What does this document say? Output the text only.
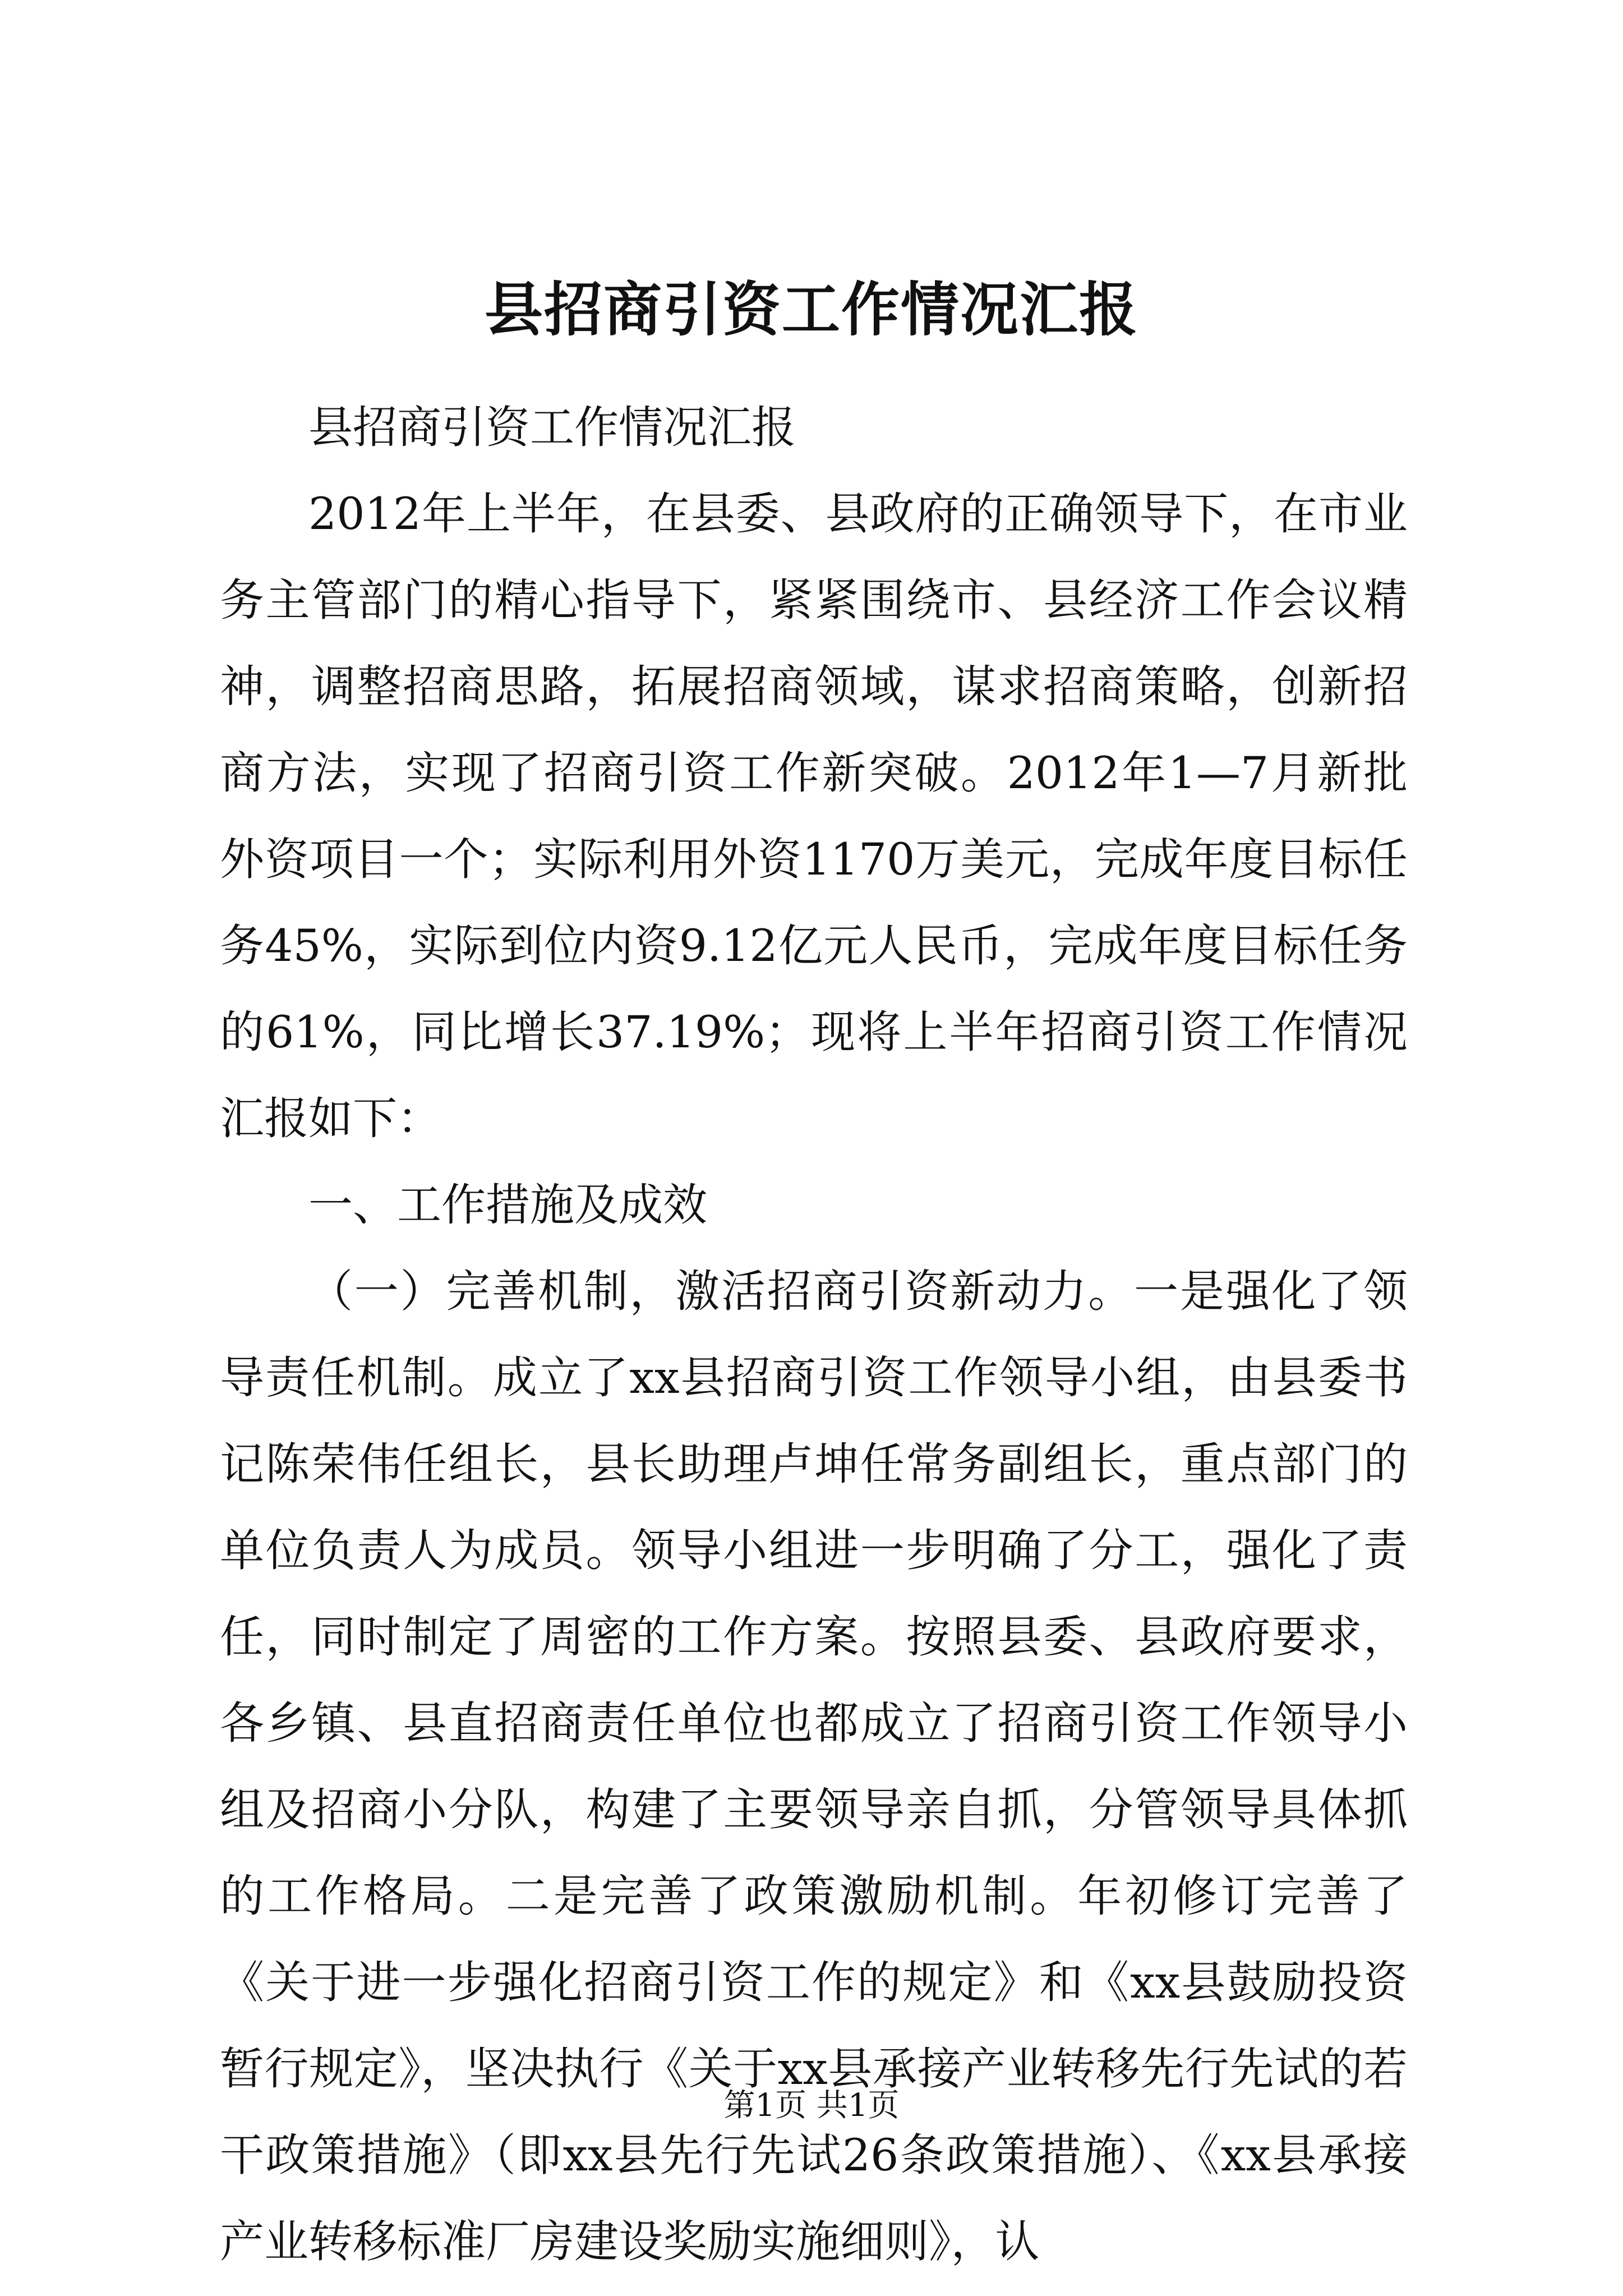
县招商引资工作情况汇报

县招商引资工作情况汇报

2012年上半年，在县委、县政府的正确领导下，在市业务主管部门的精心指导下，紧紧围绕市、县经济工作会议精神，调整招商思路，拓展招商领域，谋求招商策略，创新招商方法，实现了招商引资工作新突破。2012年1—7月新批外资项目一个；实际利用外资1170万美元，完成年度目标任务45%，实际到位内资9.12亿元人民币，完成年度目标任务的61%，同比增长37.19%；现将上半年招商引资工作情况汇报如下：

一、工作措施及成效

（一）完善机制，激活招商引资新动力。一是强化了领导责任机制。成立了xx县招商引资工作领导小组，由县委书记陈荣伟任组长，县长助理卢坤任常务副组长，重点部门的单位负责人为成员。领导小组进一步明确了分工，强化了责任，同时制定了周密的工作方案。按照县委、县政府要求，各乡镇、县直招商责任单位也都成立了招商引资工作领导小组及招商小分队，构建了主要领导亲自抓，分管领导具体抓的工作格局。二是完善了政策激励机制。年初修订完善了《关于进一步强化招商引资工作的规定》和《xx县鼓励投资暂行规定》，坚决执行《关于xx县承接产业转移先行先试的若干政策措施》（即xx县先行先试26条政策措施）、《xx县承接产业转移标准厂房建设奖励实施细则》，认

第1页 共1页
